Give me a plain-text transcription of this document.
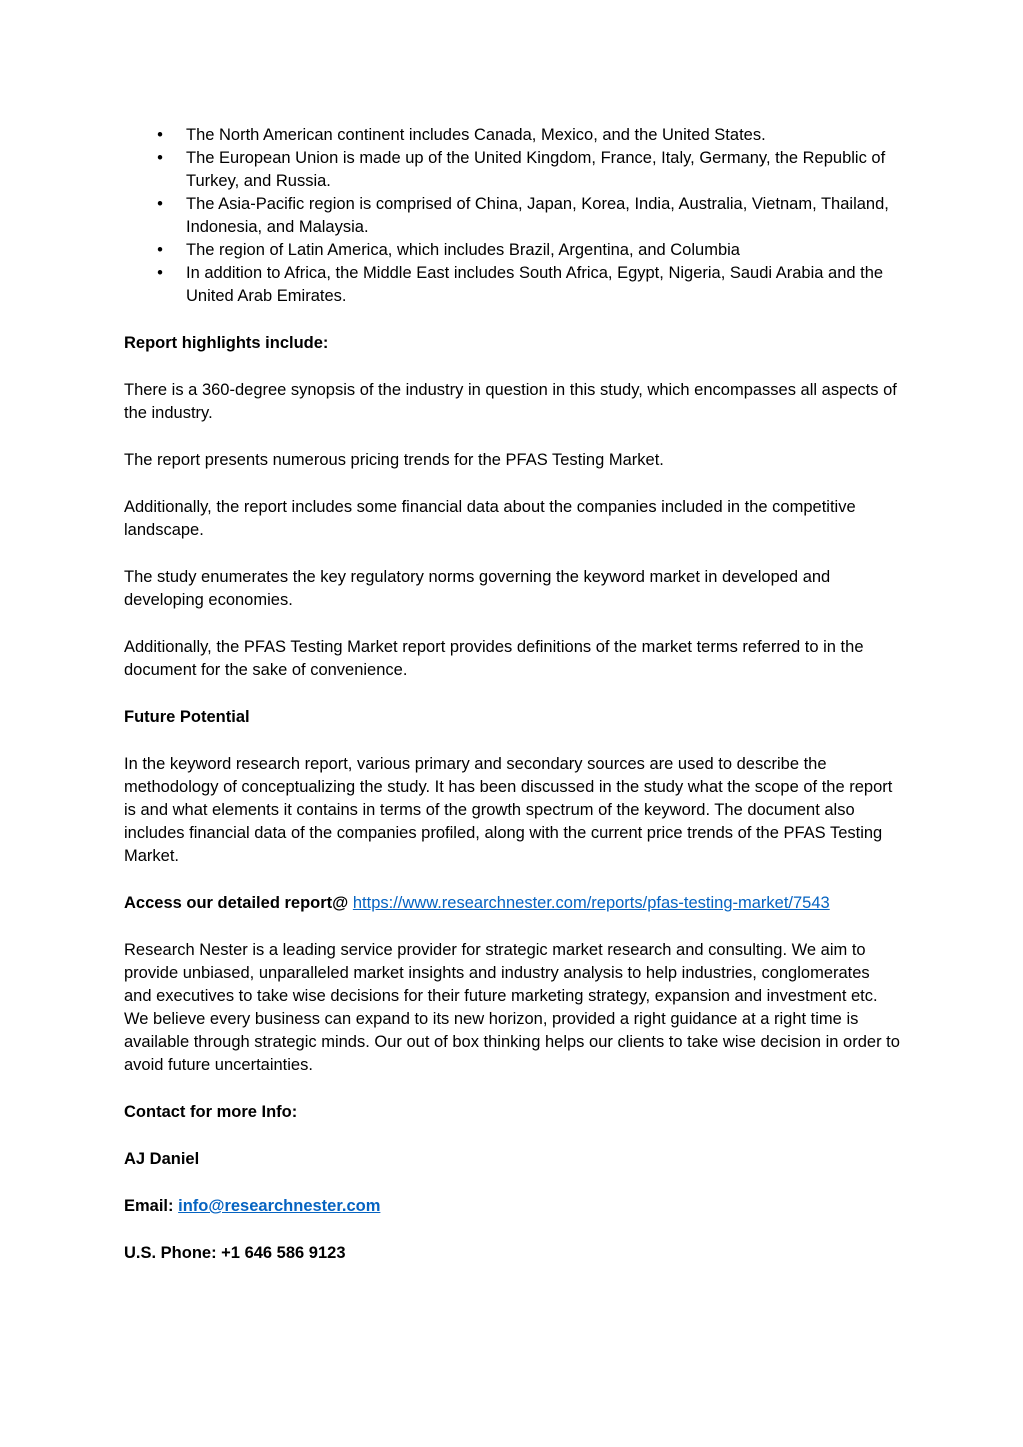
• The North American continent includes Canada, Mexico, and the United States.
• The European Union is made up of the United Kingdom, France, Italy, Germany, the Republic of Turkey, and Russia.
• The Asia-Pacific region is comprised of China, Japan, Korea, India, Australia, Vietnam, Thailand, Indonesia, and Malaysia.
• The region of Latin America, which includes Brazil, Argentina, and Columbia
• In addition to Africa, the Middle East includes South Africa, Egypt, Nigeria, Saudi Arabia and the United Arab Emirates.

Report highlights include:

There is a 360-degree synopsis of the industry in question in this study, which encompasses all aspects of the industry.

The report presents numerous pricing trends for the PFAS Testing Market.

Additionally, the report includes some financial data about the companies included in the competitive landscape.

The study enumerates the key regulatory norms governing the keyword market in developed and developing economies.

Additionally, the PFAS Testing Market report provides definitions of the market terms referred to in the document for the sake of convenience.

Future Potential

In the keyword research report, various primary and secondary sources are used to describe the methodology of conceptualizing the study. It has been discussed in the study what the scope of the report is and what elements it contains in terms of the growth spectrum of the keyword. The document also includes financial data of the companies profiled, along with the current price trends of the PFAS Testing Market.

Access our detailed report@ https://www.researchnester.com/reports/pfas-testing-market/7543

Research Nester is a leading service provider for strategic market research and consulting. We aim to provide unbiased, unparalleled market insights and industry analysis to help industries, conglomerates and executives to take wise decisions for their future marketing strategy, expansion and investment etc. We believe every business can expand to its new horizon, provided a right guidance at a right time is available through strategic minds. Our out of box thinking helps our clients to take wise decision in order to avoid future uncertainties.

Contact for more Info:

AJ Daniel

Email: info@researchnester.com

U.S. Phone: +1 646 586 9123
